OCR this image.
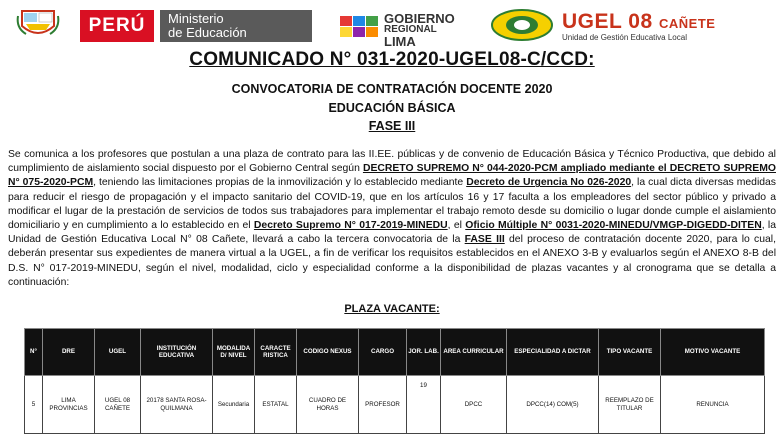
PERÚ Ministerio
de Educación
GOBIERNO
REGIONAL
LIMA
UGEL 08 CAÑETE
Unidad de Gestión Educativa Local
COMUNICADO N° 031-2020-UGEL08-C/CCD:
CONVOCATORIA DE CONTRATACIÓN DOCENTE 2020
EDUCACIÓN BÁSICA
FASE III
Se comunica a los profesores que postulan a una plaza de contrato para las II.EE. públicas y de convenio de Educación Básica y Técnico Productiva, que debido al cumplimiento de aislamiento social dispuesto por el Gobierno Central según DECRETO SUPREMO N° 044-2020-PCM ampliado mediante el DECRETO SUPREMO N° 075-2020-PCM, teniendo las limitaciones propias de la inmovilización y lo establecido mediante Decreto de Urgencia No 026-2020, la cual dicta diversas medidas para reducir el riesgo de propagación y el impacto sanitario del COVID-19, que en los artículos 16 y 17 faculta a los empleadores del sector público y privado a modificar el lugar de la prestación de servicios de todos sus trabajadores para implementar el trabajo remoto desde su domicilio o lugar donde cumple el aislamiento domiciliario y en cumplimiento a lo establecido en el Decreto Supremo N° 017-2019-MINEDU, el Oficio Múltiple N° 0031-2020-MINEDU/VMGP-DIGEDD-DITEN, la Unidad de Gestión Educativa Local N° 08 Cañete, llevará a cabo la tercera convocatoria de la FASE III del proceso de contratación docente 2020, para lo cual, deberán presentar sus expedientes de manera virtual a la UGEL, a fin de verificar los requisitos establecidos en el ANEXO 3-B y evaluarlos según el ANEXO 8-B del D.S. N° 017-2019-MINEDU, según el nivel, modalidad, ciclo y especialidad conforme a la disponibilidad de plazas vacantes y al cronograma que se detalla a continuación:
PLAZA VACANTE:
N°	DRE	UGEL	INSTITUCIÓN EDUCATIVA	MODALIDA D/ NIVEL	CARACTE RISTICA	CODIGO NEXUS	CARGO	JOR. LAB.	AREA CURRICULAR	ESPECIALIDAD A DICTAR	TIPO VACANTE	MOTIVO VACANTE
5	LIMA PROVINCIAS	UGEL 08 CAÑETE	20178 SANTA ROSA-QUILMANA	Secundaria	ESTATAL	CUADRO DE HORAS	PROFESOR	19	DPCC	DPCC(14) COM(5)	REEMPLAZO DE TITULAR	RENUNCIA
